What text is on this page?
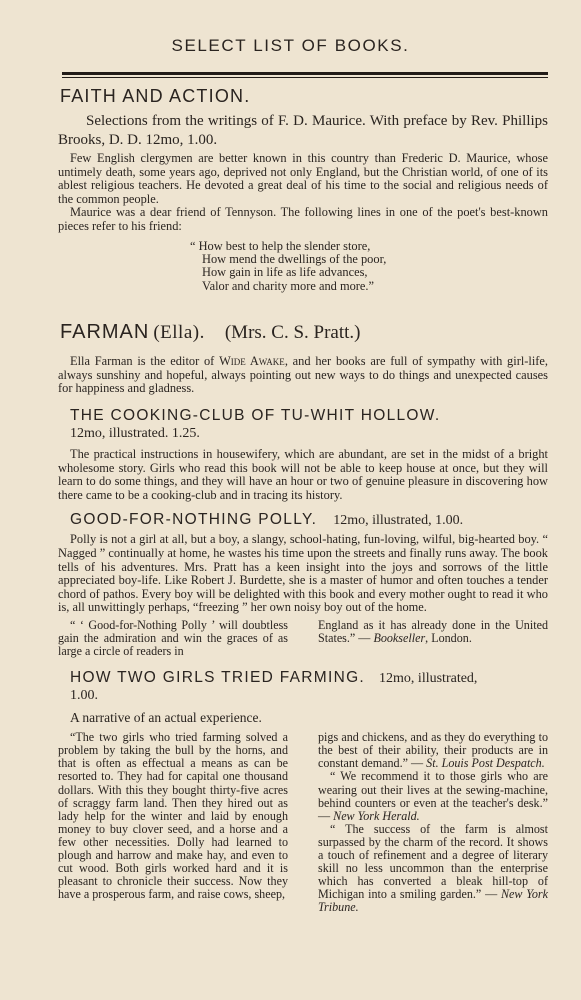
SELECT LIST OF BOOKS.
FAITH AND ACTION.

Selections from the writings of F. D. Maurice. With preface by Rev. Phillips Brooks, D. D. 12mo, 1.00.

Few English clergymen are better known in this country than Frederic D. Maurice, whose untimely death, some years ago, deprived not only England, but the Christian world, of one of its ablest religious teachers. He devoted a great deal of his time to the social and religious needs of the common people.

Maurice was a dear friend of Tennyson. The following lines in one of the poet's best-known pieces refer to his friend:

“ How best to help the slender store,
How mend the dwellings of the poor,
How gain in life as life advances,
Valor and charity more and more.”
FARMAN (Ella). (Mrs. C. S. Pratt.)

Ella Farman is the editor of Wide Awake, and her books are full of sympathy with girl-life, always sunshiny and hopeful, always pointing out new ways to do things and unexpected causes for happiness and gladness.

THE COOKING-CLUB OF TU-WHIT HOLLOW.
12mo, illustrated. 1.25.

The practical instructions in housewifery, which are abundant, are set in the midst of a bright wholesome story. Girls who read this book will not be able to keep house at once, but they will learn to do some things, and they will have an hour or two of genuine pleasure in discovering how there came to be a cooking-club and in tracing its history.

GOOD-FOR-NOTHING POLLY. 12mo, illustrated, 1.00.

Polly is not a girl at all, but a boy, a slangy, school-hating, fun-loving, wilful, big-hearted boy. “ Nagged ” continually at home, he wastes his time upon the streets and finally runs away. The book tells of his adventures. Mrs. Pratt has a keen insight into the joys and sorrows of the little appreciated boy-life. Like Robert J. Burdette, she is a master of humor and often touches a tender chord of pathos. Every boy will be delighted with this book and every mother ought to read it who is, all unwittingly perhaps, “freezing ” her own noisy boy out of the home.

“ ‘ Good-for-Nothing Polly ’ will doubtless gain the admiration and win the graces of as large a circle of readers in

England as it has already done in the United States.” — Bookseller, London.

HOW TWO GIRLS TRIED FARMING. 12mo, illustrated,
1.00.
A narrative of an actual experience.

“The two girls who tried farming solved a problem by taking the bull by the horns, and that is often as effectual a means as can be resorted to. They had for capital one thousand dollars. With this they bought thirty-five acres of scraggy farm land. Then they hired out as lady help for the winter and laid by enough money to buy clover seed, and a horse and a few other necessities. Dolly had learned to plough and harrow and make hay, and even to cut wood. Both girls worked hard and it is pleasant to chronicle their success. Now they have a prosperous farm, and raise cows, sheep,

pigs and chickens, and as they do everything to the best of their ability, their products are in constant demand.” — St. Louis Post Despatch.

“ We recommend it to those girls who are wearing out their lives at the sewing-machine, behind counters or even at the teacher's desk.” — New York Herald.

“ The success of the farm is almost surpassed by the charm of the record. It shows a touch of refinement and a degree of literary skill no less uncommon than the enterprise which has converted a bleak hill-top of Michigan into a smiling garden.” — New York Tribune.
